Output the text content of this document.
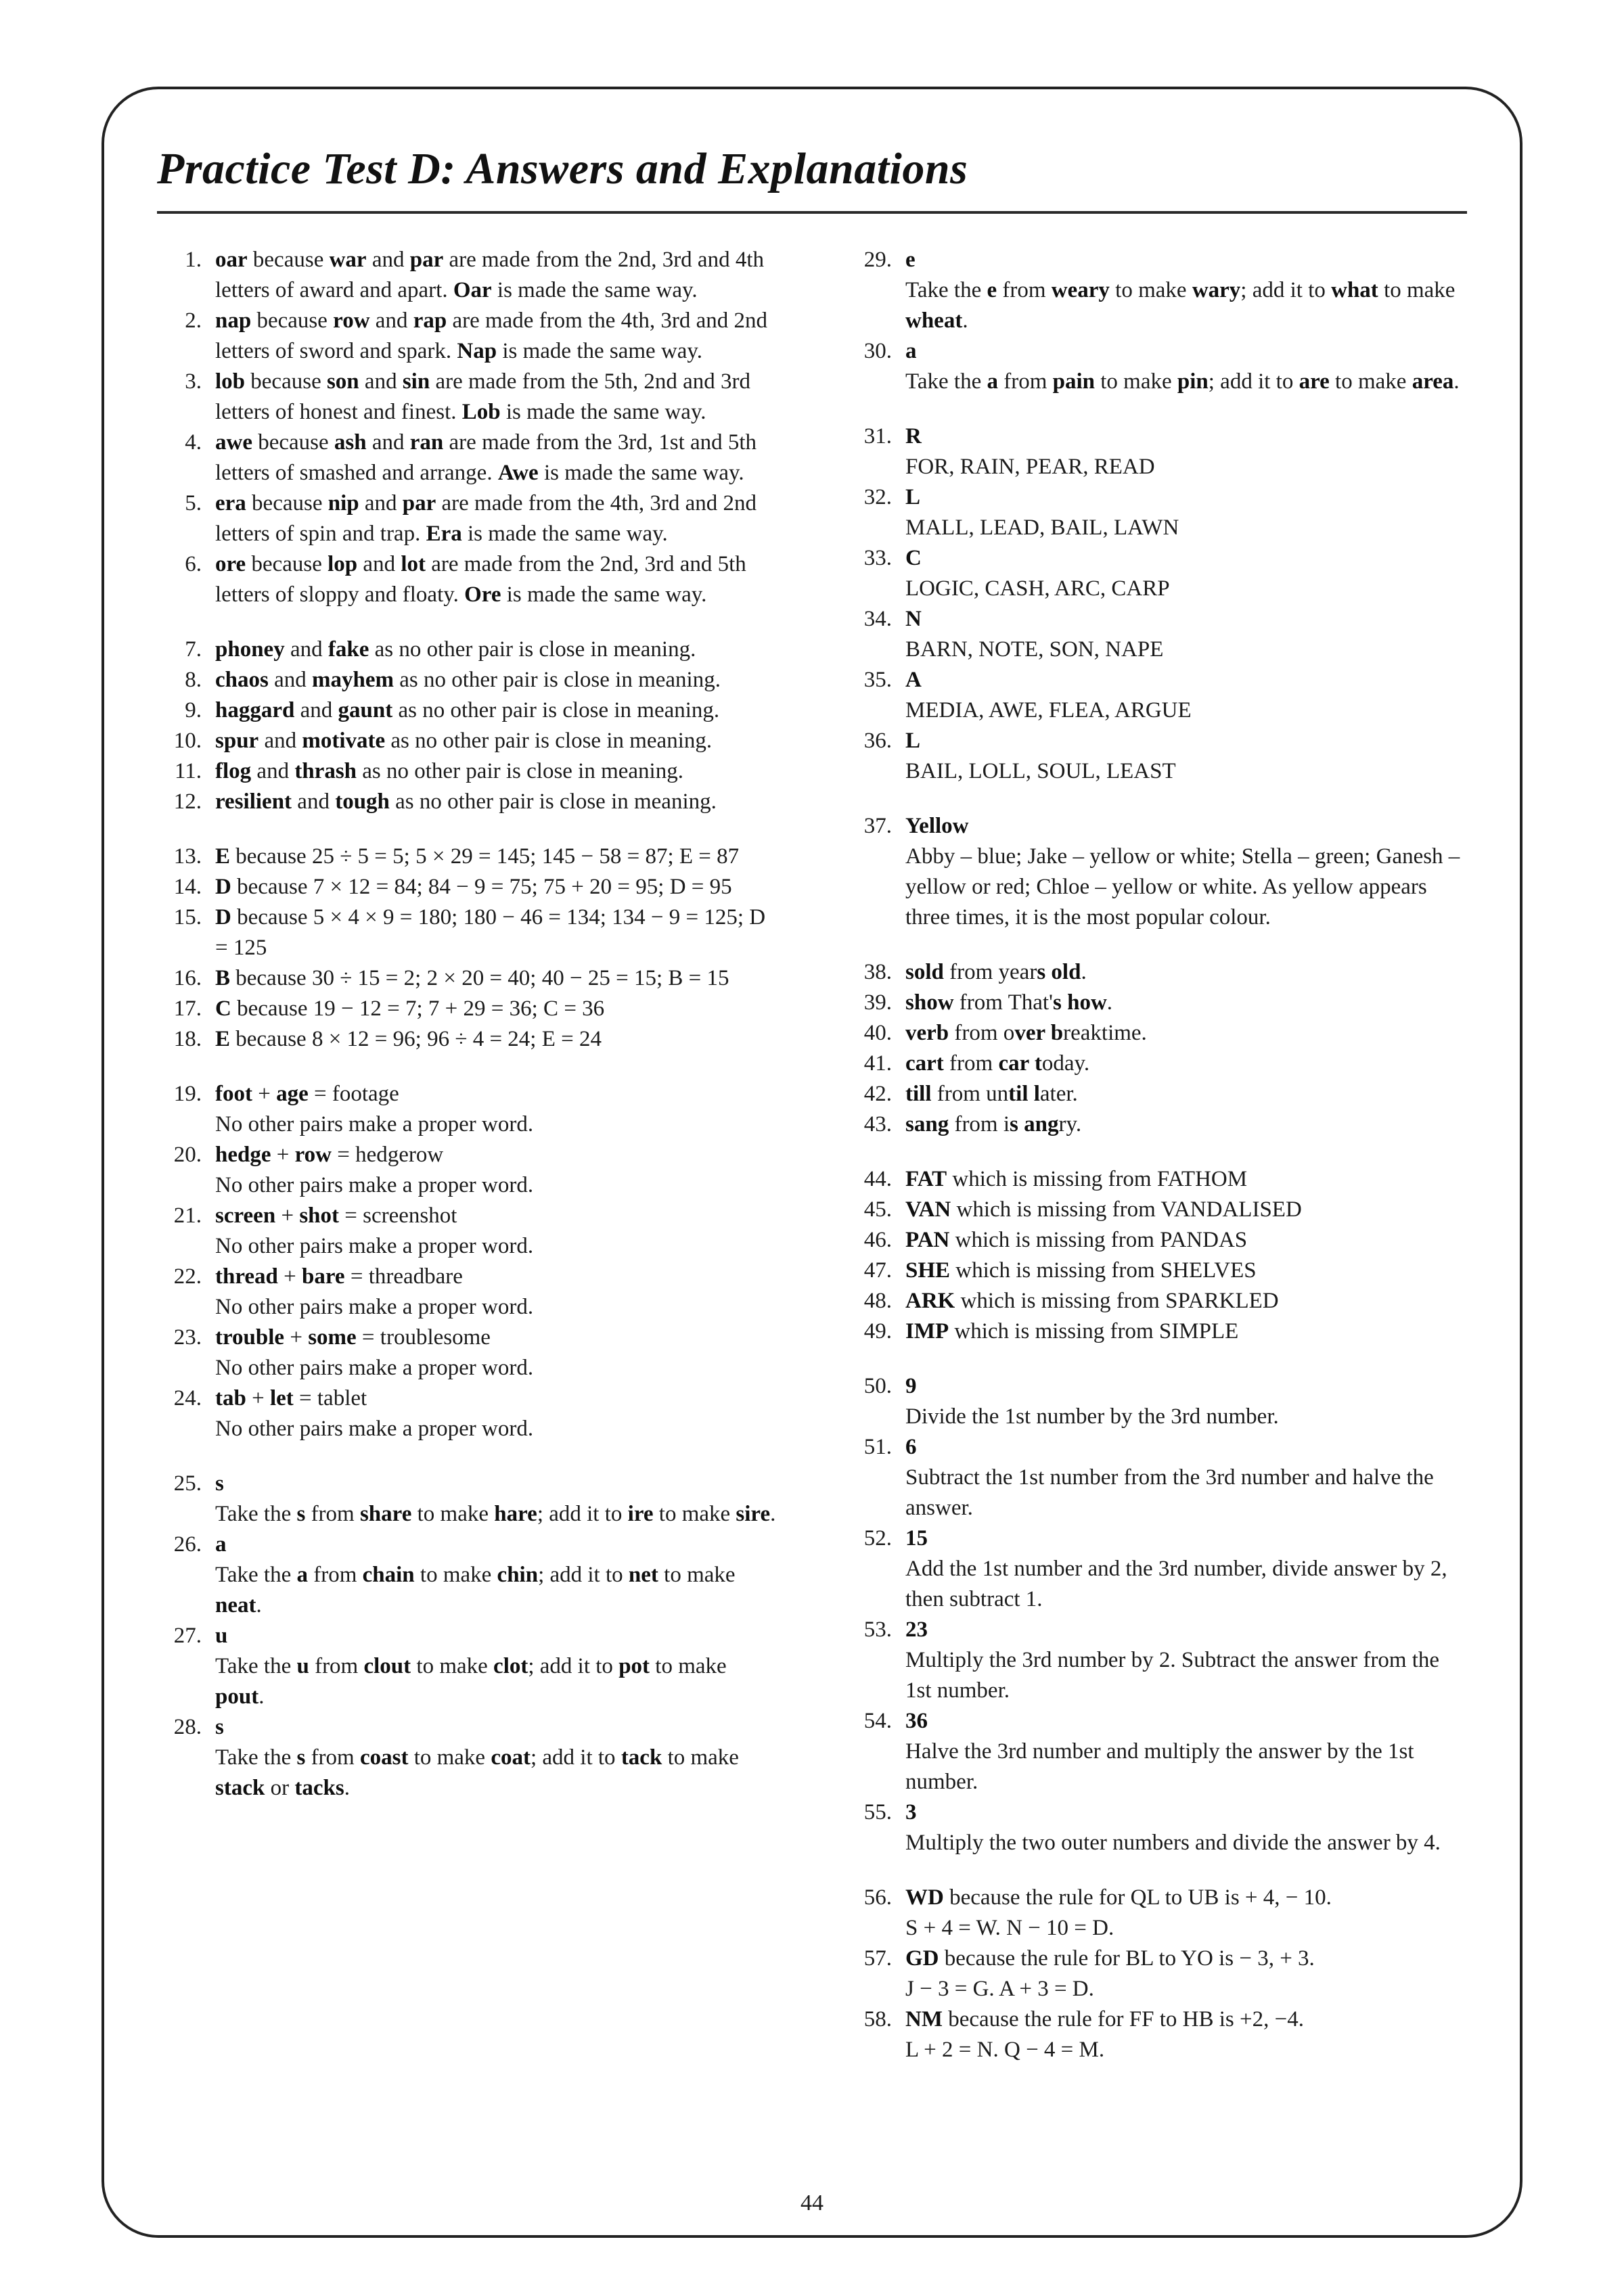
Practice Test D: Answers and Explanations
1. oar because war and par are made from the 2nd, 3rd and 4th letters of award and apart. Oar is made the same way.
2. nap because row and rap are made from the 4th, 3rd and 2nd letters of sword and spark. Nap is made the same way.
3. lob because son and sin are made from the 5th, 2nd and 3rd letters of honest and finest. Lob is made the same way.
4. awe because ash and ran are made from the 3rd, 1st and 5th letters of smashed and arrange. Awe is made the same way.
5. era because nip and par are made from the 4th, 3rd and 2nd letters of spin and trap. Era is made the same way.
6. ore because lop and lot are made from the 2nd, 3rd and 5th letters of sloppy and floaty. Ore is made the same way.
7. phoney and fake as no other pair is close in meaning.
8. chaos and mayhem as no other pair is close in meaning.
9. haggard and gaunt as no other pair is close in meaning.
10. spur and motivate as no other pair is close in meaning.
11. flog and thrash as no other pair is close in meaning.
12. resilient and tough as no other pair is close in meaning.
13. E because 25 ÷ 5 = 5; 5 × 29 = 145; 145 − 58 = 87; E = 87
14. D because 7 × 12 = 84; 84 − 9 = 75; 75 + 20 = 95; D = 95
15. D because 5 × 4 × 9 = 180; 180 − 46 = 134; 134 − 9 = 125; D = 125
16. B because 30 ÷ 15 = 2; 2 × 20 = 40; 40 − 25 = 15; B = 15
17. C because 19 − 12 = 7; 7 + 29 = 36; C = 36
18. E because 8 × 12 = 96; 96 ÷ 4 = 24; E = 24
19. foot + age = footage
No other pairs make a proper word.
20. hedge + row = hedgerow
No other pairs make a proper word.
21. screen + shot = screenshot
No other pairs make a proper word.
22. thread + bare = threadbare
No other pairs make a proper word.
23. trouble + some = troublesome
No other pairs make a proper word.
24. tab + let = tablet
No other pairs make a proper word.
25. s
Take the s from share to make hare; add it to ire to make sire.
26. a
Take the a from chain to make chin; add it to net to make neat.
27. u
Take the u from clout to make clot; add it to pot to make pout.
28. s
Take the s from coast to make coat; add it to tack to make stack or tacks.
29. e
Take the e from weary to make wary; add it to what to make wheat.
30. a
Take the a from pain to make pin; add it to are to make area.
31. R
FOR, RAIN, PEAR, READ
32. L
MALL, LEAD, BAIL, LAWN
33. C
LOGIC, CASH, ARC, CARP
34. N
BARN, NOTE, SON, NAPE
35. A
MEDIA, AWE, FLEA, ARGUE
36. L
BAIL, LOLL, SOUL, LEAST
37. Yellow
Abby – blue; Jake – yellow or white; Stella – green; Ganesh – yellow or red; Chloe – yellow or white. As yellow appears three times, it is the most popular colour.
38. sold from years old.
39. show from That's how.
40. verb from over breaktime.
41. cart from car today.
42. till from until later.
43. sang from is angry.
44. FAT which is missing from FATHOM
45. VAN which is missing from VANDALISED
46. PAN which is missing from PANDAS
47. SHE which is missing from SHELVES
48. ARK which is missing from SPARKLED
49. IMP which is missing from SIMPLE
50. 9
Divide the 1st number by the 3rd number.
51. 6
Subtract the 1st number from the 3rd number and halve the answer.
52. 15
Add the 1st number and the 3rd number, divide answer by 2, then subtract 1.
53. 23
Multiply the 3rd number by 2. Subtract the answer from the 1st number.
54. 36
Halve the 3rd number and multiply the answer by the 1st number.
55. 3
Multiply the two outer numbers and divide the answer by 4.
56. WD because the rule for QL to UB is + 4, − 10.
S + 4 = W. N − 10 = D.
57. GD because the rule for BL to YO is − 3, + 3.
J − 3 = G. A + 3 = D.
58. NM because the rule for FF to HB is +2, −4.
L + 2 = N. Q − 4 = M.
44
